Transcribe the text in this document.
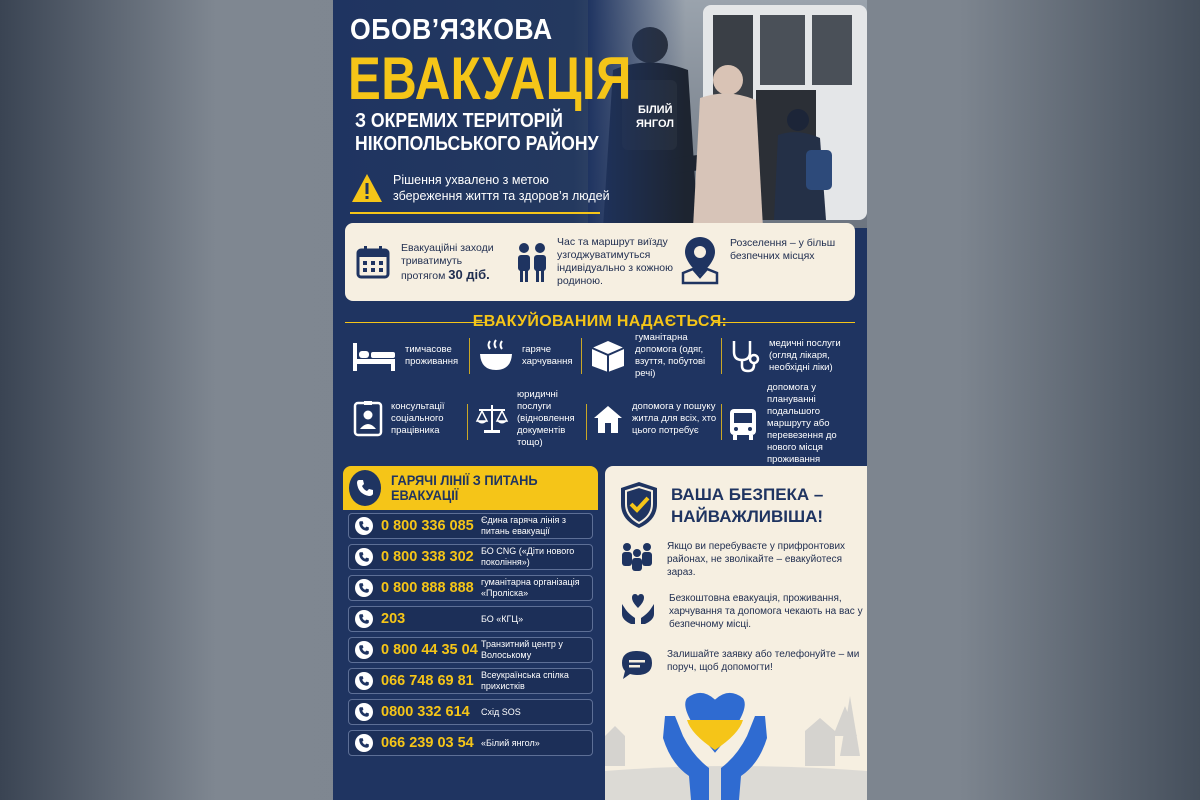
БІЛИЙ
ЯНГОЛ
ОБОВ’ЯЗКОВА
ЕВАКУАЦІЯ
З ОКРЕМИХ ТЕРИТОРІЙ
НІКОПОЛЬСЬКОГО РАЙОНУ
Рішення ухвалено з метою збереження життя та здоров’я людей
Евакуаційні заходи триватимуть протягом 30 діб.
Час та маршрут виїзду узгоджуватимуться індивідуально з кожною родиною.
Розселення – у більш безпечних місцях
ЕВАКУЙОВАНИМ НАДАЄТЬСЯ:
тимчасове проживання
гаряче харчування
гуманітарна допомога (одяг, взуття, побутові речі)
медичні послуги (огляд лікаря, необхідні ліки)
консультації соціального працівника
юридичні послуги (відновлення документів тощо)
допомога у пошуку житла для всіх, хто цього потребує
допомога у плануванні подальшого маршруту або перевезення до нового місця проживання
ГАРЯЧІ ЛІНІЇ З ПИТАНЬ ЕВАКУАЦІЇ
0 800 336 085 Єдина гаряча лінія з питань евакуації
0 800 338 302 БО CNG («Діти нового покоління»)
0 800 888 888 гуманітарна організація «Проліска»
203	БО «КГЦ»
0 800 44 35 04 Транзитний центр у Волоському
066 748 69 81 Всеукраїнська спілка прихистків
0800 332 614	Схід SOS
066 239 03 54 «Білий янгол»
ВАША БЕЗПЕКА –
НАЙВАЖЛИВІША!
Якщо ви перебуваєте у прифронтових районах, не зволікайте – евакуйотеся зараз.
Безкоштовна евакуація, проживання, харчування та допомога чекають на вас у безпечному місці.
Залишайте заявку або телефонуйте – ми поруч, щоб допомогти!
